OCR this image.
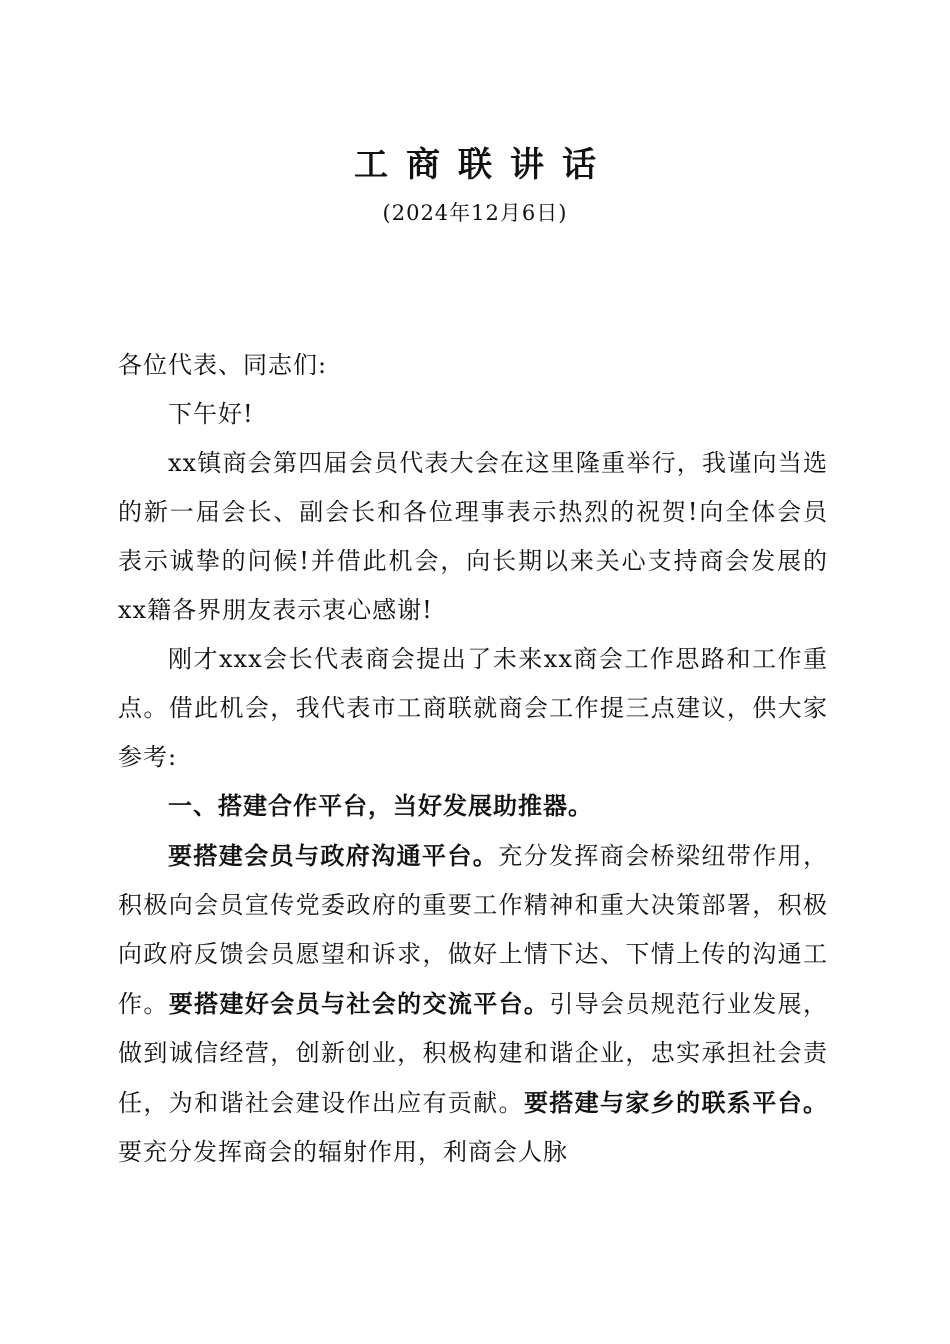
工商联讲话
(2024年12月6日)

各位代表、同志们:

下午好!

xx镇商会第四届会员代表大会在这里隆重举行，我谨向当选的新一届会长、副会长和各位理事表示热烈的祝贺!向全体会员表示诚挚的问候!并借此机会，向长期以来关心支持商会发展的xx籍各界朋友表示衷心感谢!

刚才xxx会长代表商会提出了未来xx商会工作思路和工作重点。借此机会，我代表市工商联就商会工作提三点建议，供大家参考:

一、搭建合作平台，当好发展助推器。

要搭建会员与政府沟通平台。充分发挥商会桥梁纽带作用，积极向会员宣传党委政府的重要工作精神和重大决策部署，积极向政府反馈会员愿望和诉求，做好上情下达、下情上传的沟通工作。要搭建好会员与社会的交流平台。引导会员规范行业发展，做到诚信经营，创新创业，积极构建和谐企业，忠实承担社会责任，为和谐社会建设作出应有贡献。要搭建与家乡的联系平台。要充分发挥商会的辐射作用，利商会人脉
